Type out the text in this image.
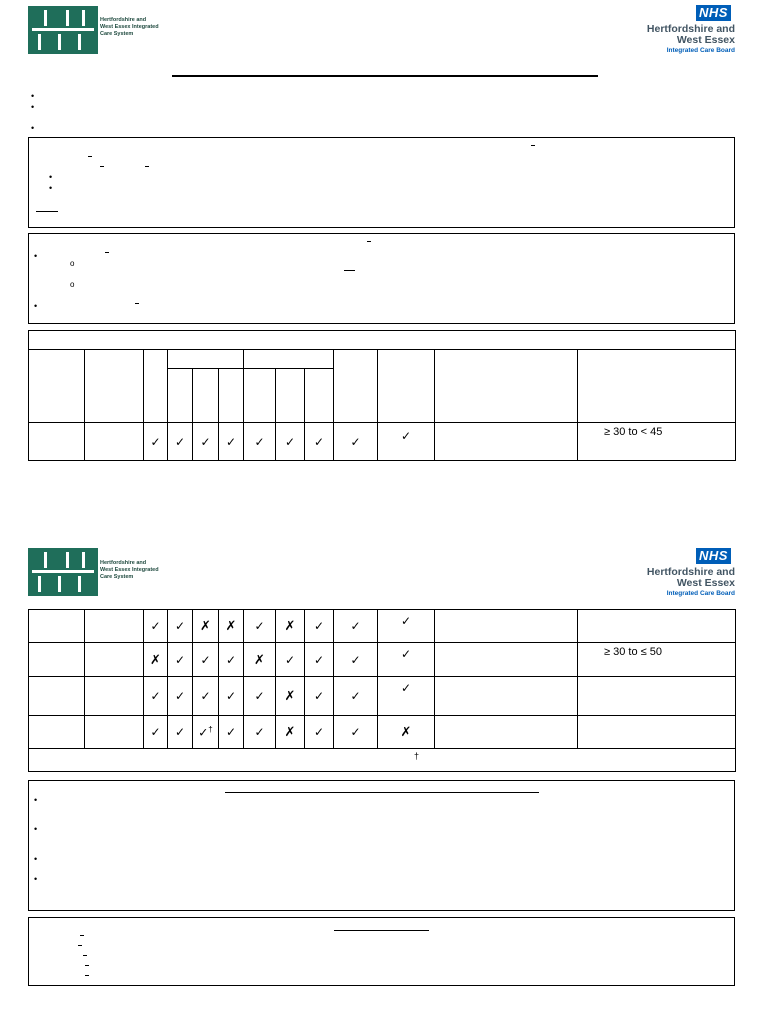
Hertfordshire and
West Essex Integrated
Care System
NHS
Hertfordshire and
West Essex
Integrated Care Board
•
•
•
•
•
•
o
o
•

		✓	✓	✓	✓	✓	✓	✓	✓	✓		≥ 30 to < 45
Hertfordshire and
West Essex Integrated
Care System
NHS
Hertfordshire and
West Essex
Integrated Care Board
		✓	✓	✗	✗	✓	✗	✓	✓	✓		
		✗	✓	✓	✓	✗	✓	✓	✓	✓		≥ 30 to ≤ 50
		✓	✓	✓	✓	✓	✗	✓	✓	✓		
		✓	✓	✓†	✓	✓	✗	✓	✓	✗		
†												
•
•
•
•
